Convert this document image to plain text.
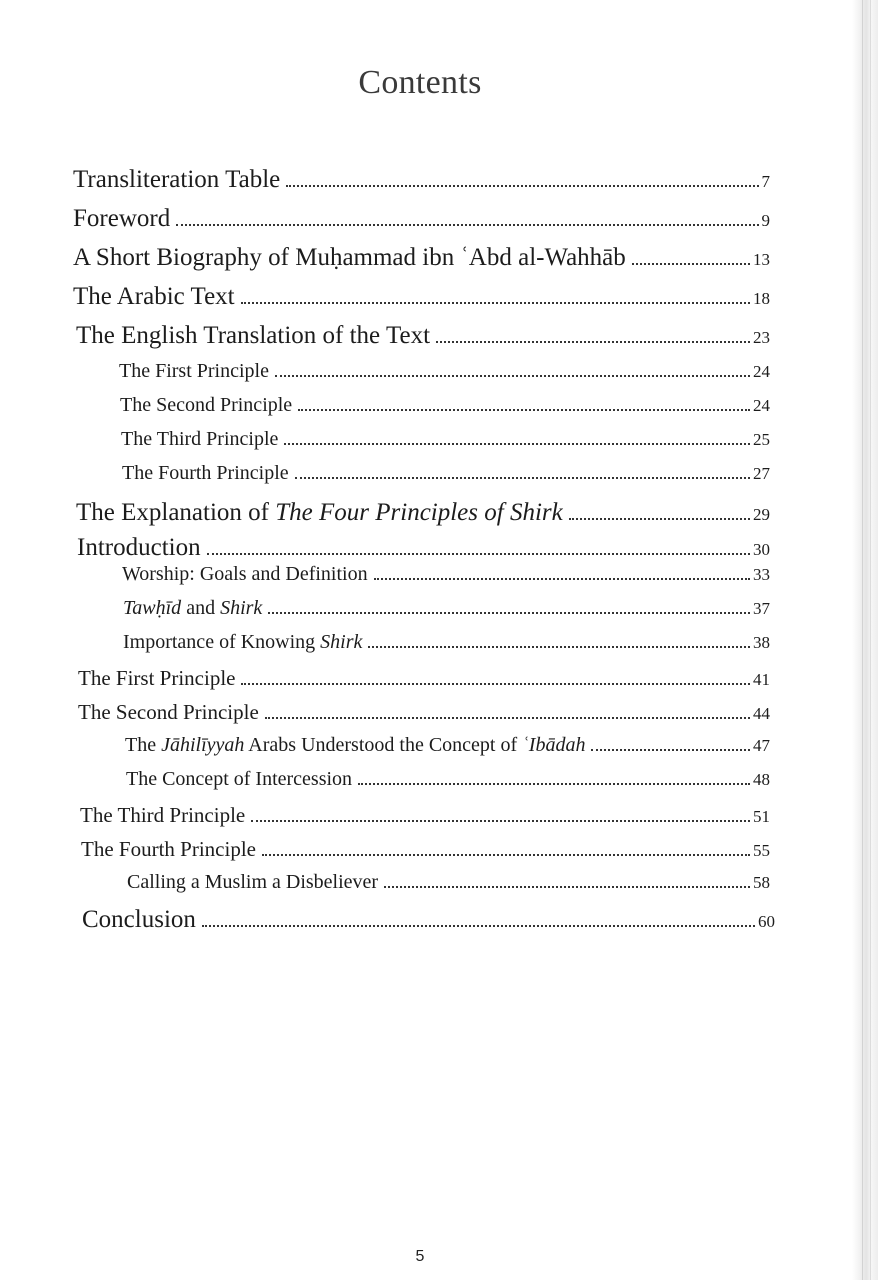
Contents
Transliteration Table	7
Foreword	9
A Short Biography of Muḥammad ibn ʿAbd al-Wahhāb	13
The Arabic Text	18
The English Translation of the Text	23
The First Principle	24
The Second Principle	24
The Third Principle	25
The Fourth Principle	27
The Explanation of The Four Principles of Shirk	29
Introduction	30
Worship: Goals and Definition	33
Tawḥīd and Shirk	37
Importance of Knowing Shirk	38
The First Principle	41
The Second Principle	44
The Jāhilīyyah Arabs Understood the Concept of ʿIbādah	47
The Concept of Intercession	48
The Third Principle	51
The Fourth Principle	55
Calling a Muslim a Disbeliever	58
Conclusion	60
5
